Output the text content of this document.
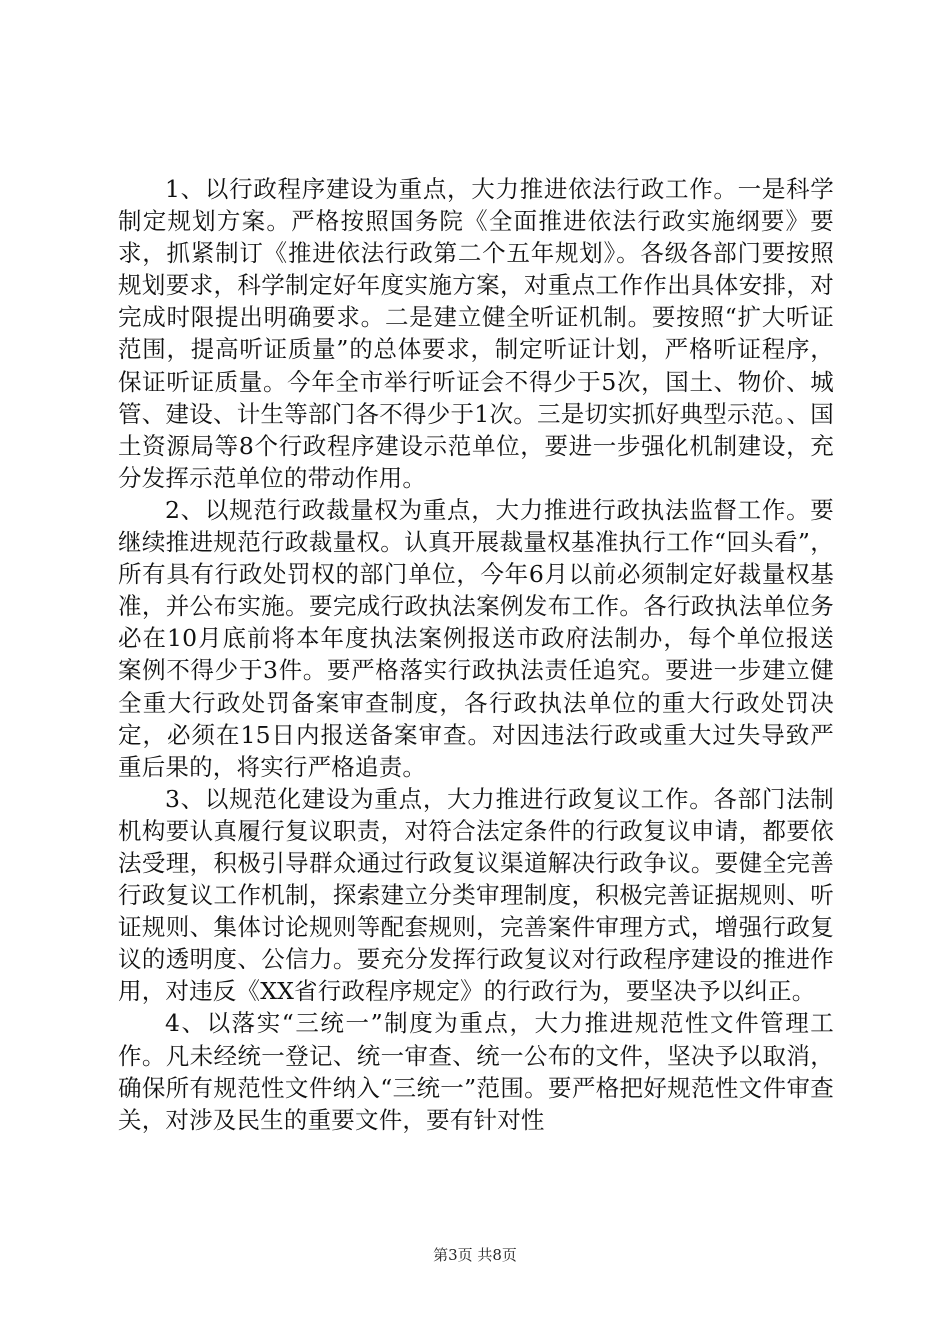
1、以行政程序建设为重点，大力推进依法行政工作。一是科学制定规划方案。严格按照国务院《全面推进依法行政实施纲要》要求，抓紧制订《推进依法行政第二个五年规划》。各级各部门要按照规划要求，科学制定好年度实施方案，对重点工作作出具体安排，对完成时限提出明确要求。二是建立健全听证机制。要按照“扩大听证范围，提高听证质量”的总体要求，制定听证计划，严格听证程序，保证听证质量。今年全市举行听证会不得少于5次，国土、物价、城管、建设、计生等部门各不得少于1次。三是切实抓好典型示范。、国土资源局等8个行政程序建设示范单位，要进一步强化机制建设，充分发挥示范单位的带动作用。

2、以规范行政裁量权为重点，大力推进行政执法监督工作。要继续推进规范行政裁量权。认真开展裁量权基准执行工作“回头看”，所有具有行政处罚权的部门单位，今年6月以前必须制定好裁量权基准，并公布实施。要完成行政执法案例发布工作。各行政执法单位务必在10月底前将本年度执法案例报送市政府法制办，每个单位报送案例不得少于3件。要严格落实行政执法责任追究。要进一步建立健全重大行政处罚备案审查制度，各行政执法单位的重大行政处罚决定，必须在15日内报送备案审查。对因违法行政或重大过失导致严重后果的，将实行严格追责。

3、以规范化建设为重点，大力推进行政复议工作。各部门法制机构要认真履行复议职责，对符合法定条件的行政复议申请，都要依法受理，积极引导群众通过行政复议渠道解决行政争议。要健全完善行政复议工作机制，探索建立分类审理制度，积极完善证据规则、听证规则、集体讨论规则等配套规则，完善案件审理方式，增强行政复议的透明度、公信力。要充分发挥行政复议对行政程序建设的推进作用，对违反《XX省行政程序规定》的行政行为，要坚决予以纠正。

4、以落实“三统一”制度为重点，大力推进规范性文件管理工作。凡未经统一登记、统一审查、统一公布的文件，坚决予以取消，确保所有规范性文件纳入“三统一”范围。要严格把好规范性文件审查关，对涉及民生的重要文件，要有针对性

第3页 共8页
